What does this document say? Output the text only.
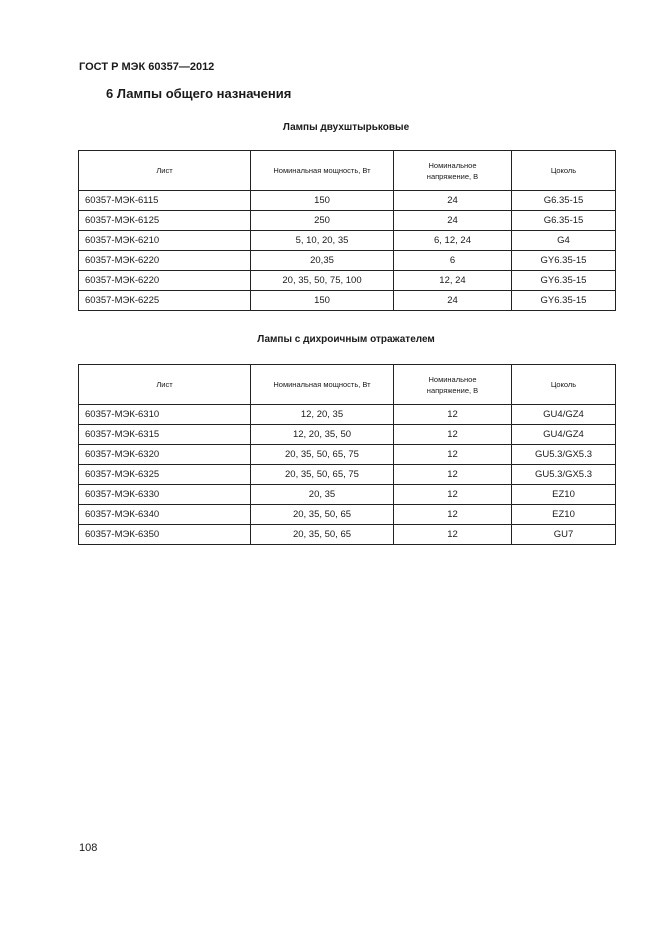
ГОСТ Р МЭК 60357—2012
6 Лампы общего назначения
Лампы двухштырьковые
Лист	Номинальная мощность, Вт	Номинальное напряжение, В	Цоколь
60357-МЭК-6115	150	24	G6.35-15
60357-МЭК-6125	250	24	G6.35-15
60357-МЭК-6210	5, 10, 20, 35	6, 12, 24	G4
60357-МЭК-6220	20,35	6	GY6.35-15
60357-МЭК-6220	20, 35, 50, 75, 100	12, 24	GY6.35-15
60357-МЭК-6225	150	24	GY6.35-15
Лампы с дихроичным отражателем
Лист	Номинальная мощность, Вт	Номинальное напряжение, В	Цоколь
60357-МЭК-6310	12, 20, 35	12	GU4/GZ4
60357-МЭК-6315	12, 20, 35, 50	12	GU4/GZ4
60357-МЭК-6320	20, 35, 50, 65, 75	12	GU5.3/GX5.3
60357-МЭК-6325	20, 35, 50, 65, 75	12	GU5.3/GX5.3
60357-МЭК-6330	20, 35	12	EZ10
60357-МЭК-6340	20, 35, 50, 65	12	EZ10
60357-МЭК-6350	20, 35, 50, 65	12	GU7
108
